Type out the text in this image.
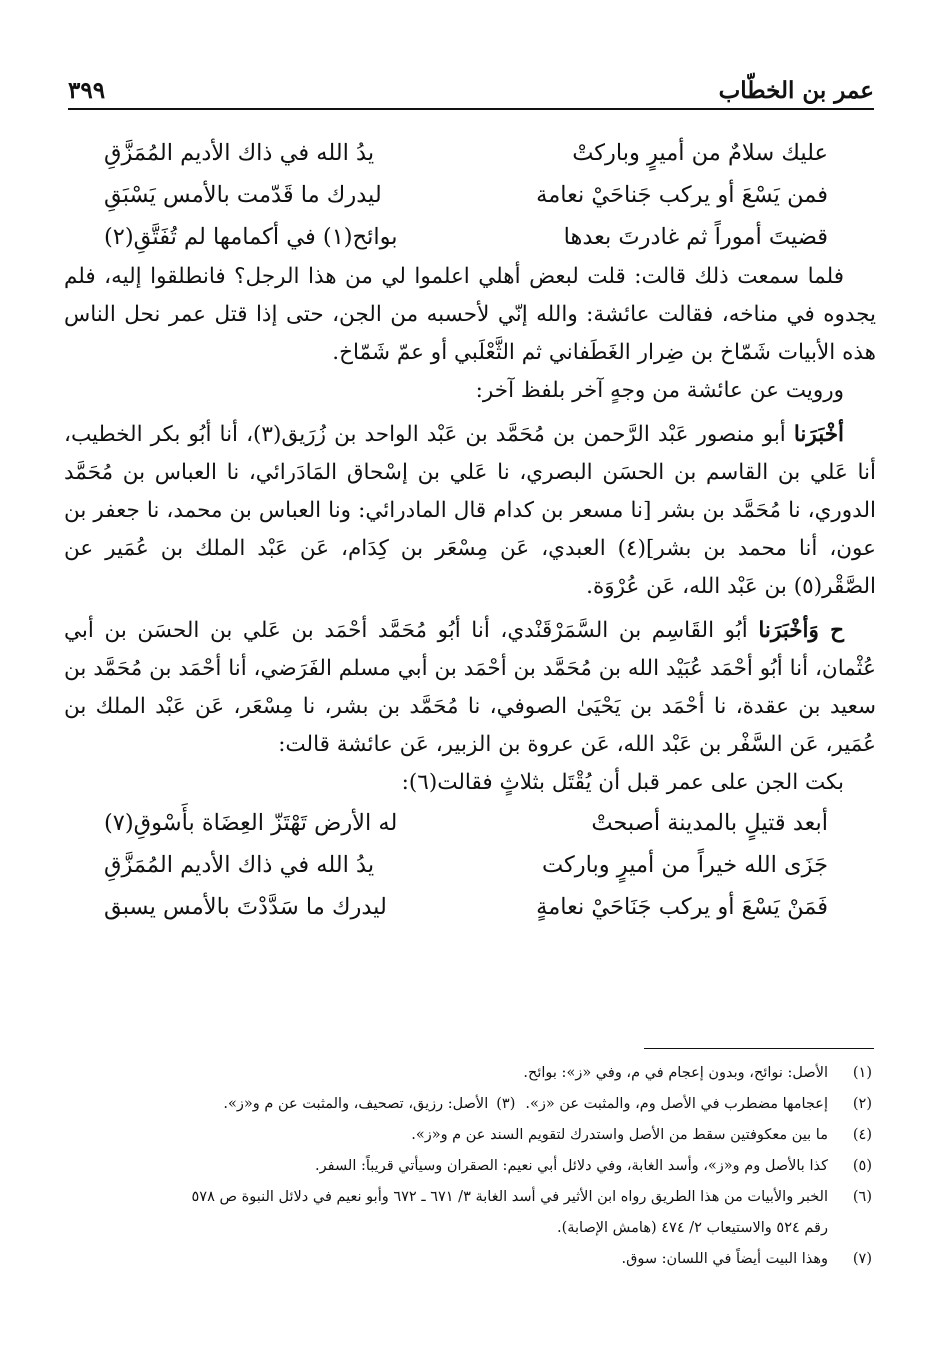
عمر بن الخطّاب
٣٩٩
عليك سلامٌ من أميرٍ وباركتْ
يدُ الله في ذاك الأديم المُمَزَّقِ
فمن يَسْعَ أو يركب جَناحَيْ نعامة
ليدرك ما قَدّمت بالأمس يَسْبَقِ
قضيتَ أموراً ثم غادرتَ بعدها
بوائح(١) في أكمامها لم تُفَتَّقِ(٢)

فلما سمعت ذلك قالت: قلت لبعض أهلي اعلموا لي من هذا الرجل؟ فانطلقوا إليه، فلم يجدوه في مناخه، فقالت عائشة: والله إنّي لأحسبه من الجن، حتى إذا قتل عمر نحل الناس هذه الأبيات شَمّاخ بن ضِرار الغَطَفاني ثم الثَّعْلَبي أو عمّ شَمّاخ.

ورويت عن عائشة من وجهٍ آخر بلفظ آخر:

أخْبَرَنا أبو منصور عَبْد الرَّحمن بن مُحَمَّد بن عَبْد الواحد بن زُرَيق(٣)، أنا أبُو بكر الخطيب، أنا عَلي بن القاسم بن الحسَن البصري، نا عَلي بن إسْحاق المَادَرائي، نا العباس بن مُحَمَّد الدوري، نا مُحَمَّد بن بشر [نا مسعر بن كدام قال المادرائي: ونا العباس بن محمد، نا جعفر بن عون، أنا محمد بن بشر](٤) العبدي، عَن مِسْعَر بن كِدَام، عَن عَبْد الملك بن عُمَير عن الصَّقْر(٥) بن عَبْد الله، عَن عُرْوَة.

ح وَأخْبَرَنا أبُو القَاسِم بن السَّمَرْقَنْدي، أنا أبُو مُحَمَّد أحْمَد بن عَلي بن الحسَن بن أبي عُثْمان، أنا أبُو أحْمَد عُبَيْد الله بن مُحَمَّد بن أحْمَد بن أبي مسلم الفَرَضي، أنا أحْمَد بن مُحَمَّد بن سعيد بن عقدة، نا أحْمَد بن يَحْيَىٰ الصوفي، نا مُحَمَّد بن بشر، نا مِسْعَر، عَن عَبْد الملك بن عُمَير، عَن السَّفْر بن عَبْد الله، عَن عروة بن الزبير، عَن عائشة قالت:

بكت الجن على عمر قبل أن يُقْتَل بثلاثٍ فقالت(٦):

أبعد قتيلٍ بالمدينة أصبحتْ
له الأرض تَهْتَزّ العِضَاة بأَسْوقِ(٧)
جَزَى الله خيراً من أميرٍ وباركت
يدُ الله في ذاك الأديم المُمَزَّقِ
فَمَنْ يَسْعَ أو يركب جَنَاحَيْ نعامةٍ
ليدرك ما سَدَّدْتَ بالأمس يسبق
(١)
الأصل: نوائح، وبدون إعجام في م، وفي «ز»: بوائح.
(٢)
إعجامها مضطرب في الأصل وم، والمثبت عن «ز».
(٣)
الأصل: رزيق، تصحيف، والمثبت عن م و«ز».
(٤)
ما بين معكوفتين سقط من الأصل واستدرك لتقويم السند عن م و«ز».
(٥)
كذا بالأصل وم و«ز»، وأسد الغابة، وفي دلائل أبي نعيم: الصقران وسيأتي قريباً: السفر.
(٦)
الخبر والأبيات من هذا الطريق رواه ابن الأثير في أسد الغابة ٣/ ٦٧١ ـ ٦٧٢ وأبو نعيم في دلائل النبوة ص ٥٧٨
رقم ٥٢٤ والاستيعاب ٢/ ٤٧٤ (هامش الإصابة).
(٧)
وهذا البيت أيضاً في اللسان: سوق.
